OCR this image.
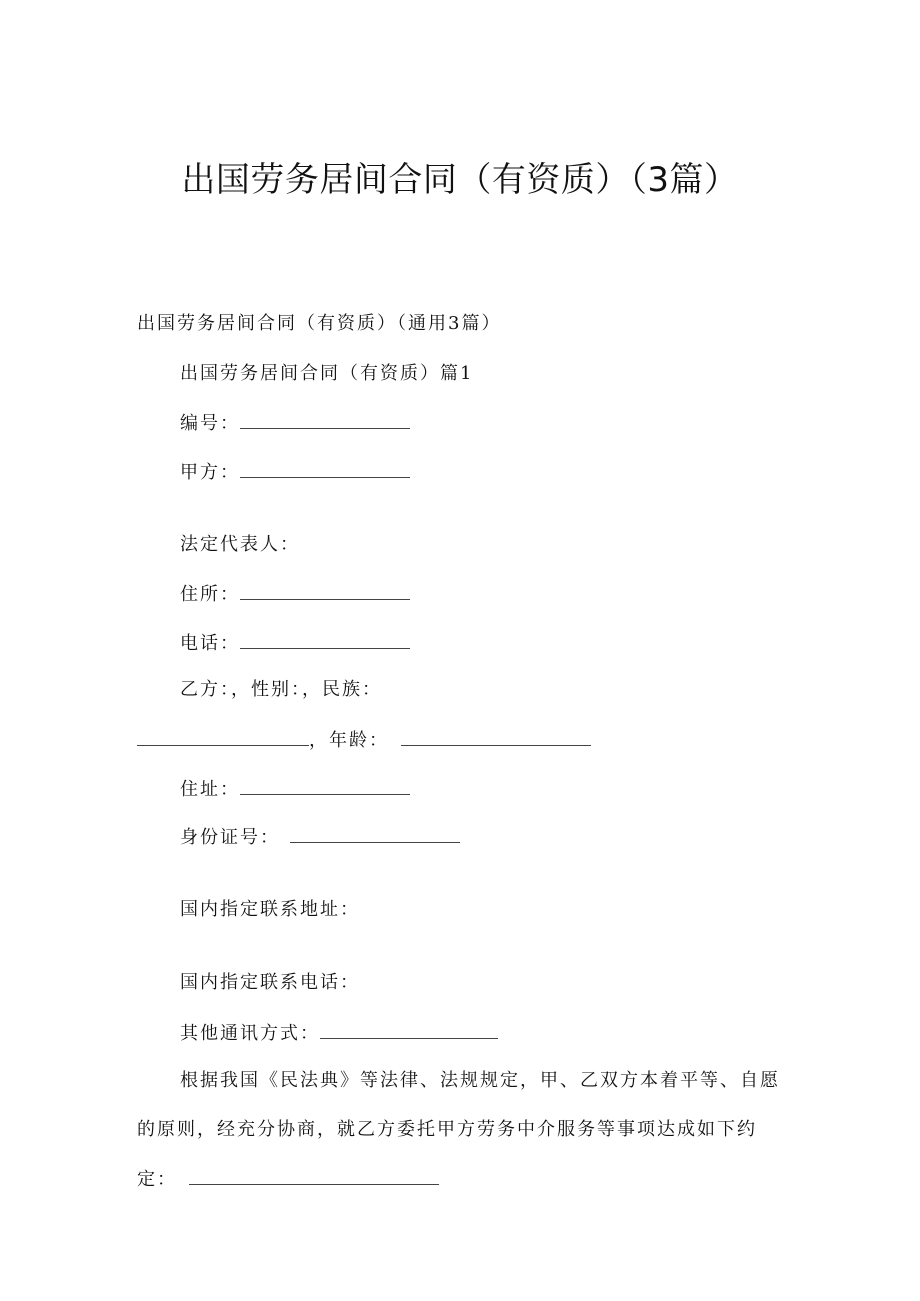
出国劳务居间合同（有资质）（3篇）
出国劳务居间合同（有资质）（通用3篇）
出国劳务居间合同（有资质）篇1
编号：
甲方：
法定代表人：
住所：
电话：
乙方：，性别：，民族：
，年龄：
住址：
身份证号：
国内指定联系地址：
国内指定联系电话：
其他通讯方式：
根据我国《民法典》等法律、法规规定，甲、乙双方本着平等、自愿
的原则，经充分协商，就乙方委托甲方劳务中介服务等事项达成如下约
定：
